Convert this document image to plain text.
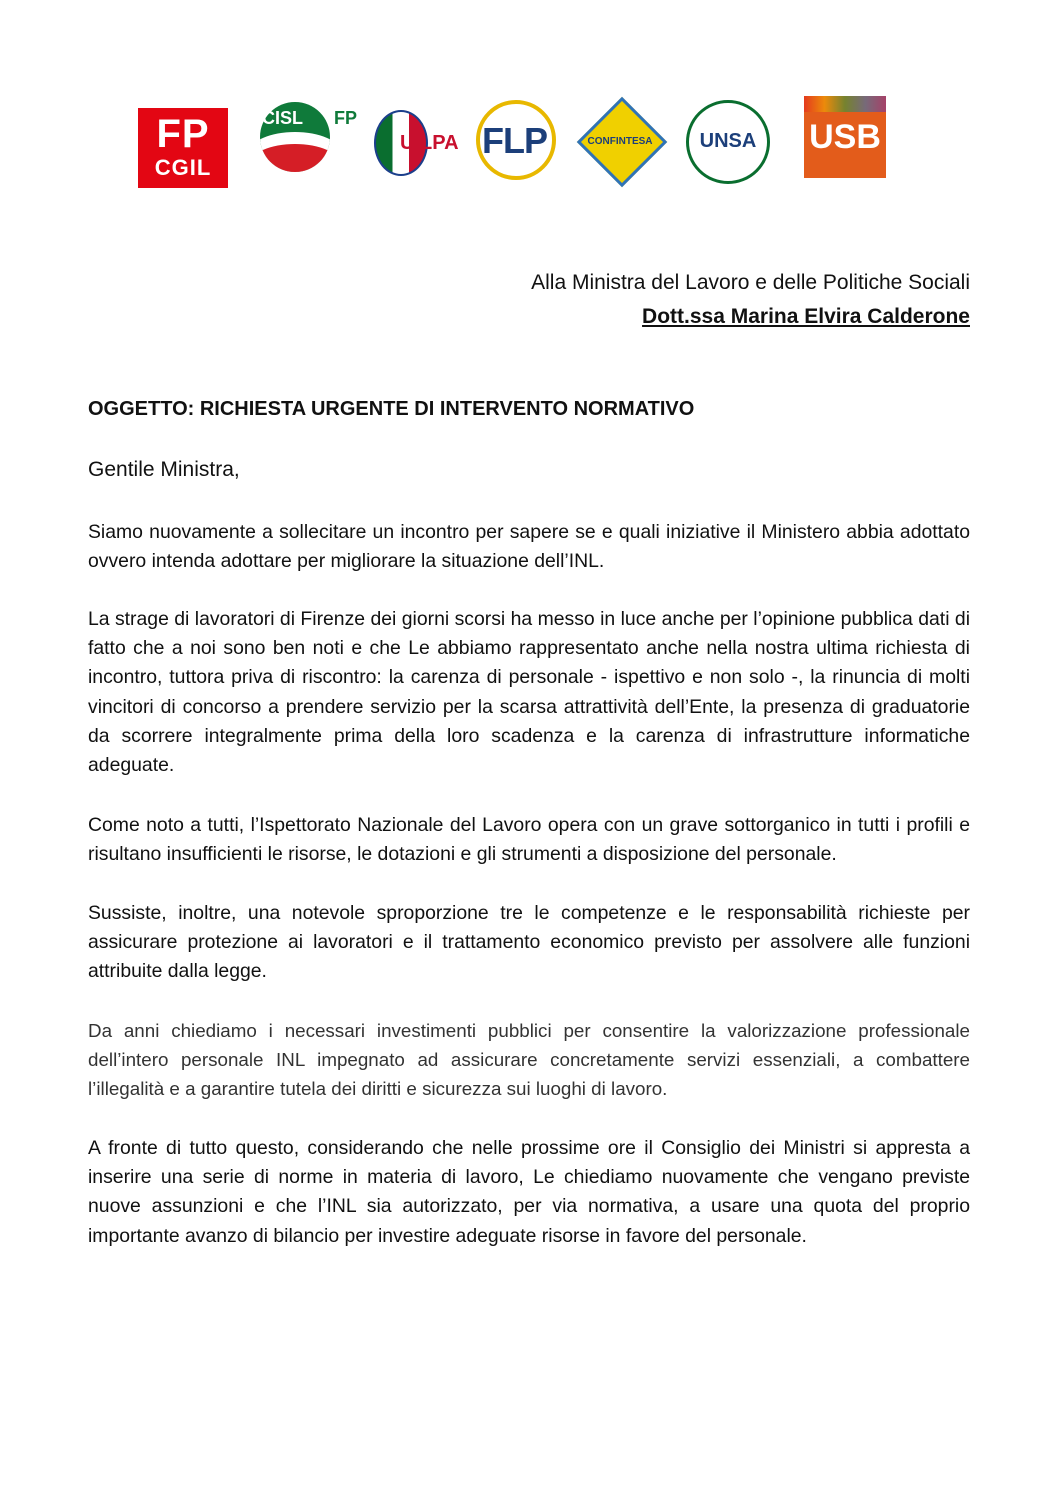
FP
CGIL
CISL FP
UILPA FLP	CONFINTESA	UNSA	USB
Alla Ministra del Lavoro e delle Politiche Sociali
Dott.ssa Marina Elvira Calderone
OGGETTO: RICHIESTA URGENTE DI INTERVENTO NORMATIVO
Gentile Ministra,

Siamo nuovamente a sollecitare un incontro per sapere se e quali iniziative il Ministero abbia adottato ovvero intenda adottare per migliorare la situazione dell’INL.

La strage di lavoratori di Firenze dei giorni scorsi ha messo in luce anche per l’opinione pubblica dati di fatto che a noi sono ben noti e che Le abbiamo rappresentato anche nella nostra ultima richiesta di incontro, tuttora priva di riscontro: la carenza di personale - ispettivo e non solo -, la rinuncia di molti vincitori di concorso a prendere servizio per la scarsa attrattività dell’Ente, la presenza di graduatorie da scorrere integralmente prima della loro scadenza e la carenza di infrastrutture informatiche adeguate.

Come noto a tutti, l’Ispettorato Nazionale del Lavoro opera con un grave sottorganico in tutti i profili e risultano insufficienti le risorse, le dotazioni e gli strumenti a disposizione del personale.

Sussiste, inoltre, una notevole sproporzione tre le competenze e le responsabilità richieste per assicurare protezione ai lavoratori e il trattamento economico previsto per assolvere alle funzioni attribuite dalla legge.

Da anni chiediamo i necessari investimenti pubblici per consentire la valorizzazione professionale dell’intero personale INL impegnato ad assicurare concretamente servizi essenziali, a combattere l’illegalità e a garantire tutela dei diritti e sicurezza sui luoghi di lavoro.

A fronte di tutto questo, considerando che nelle prossime ore il Consiglio dei Ministri si appresta a inserire una serie di norme in materia di lavoro, Le chiediamo nuovamente che vengano previste nuove assunzioni e che l’INL sia autorizzato, per via normativa, a usare una quota del proprio importante avanzo di bilancio per investire adeguate risorse in favore del personale.
